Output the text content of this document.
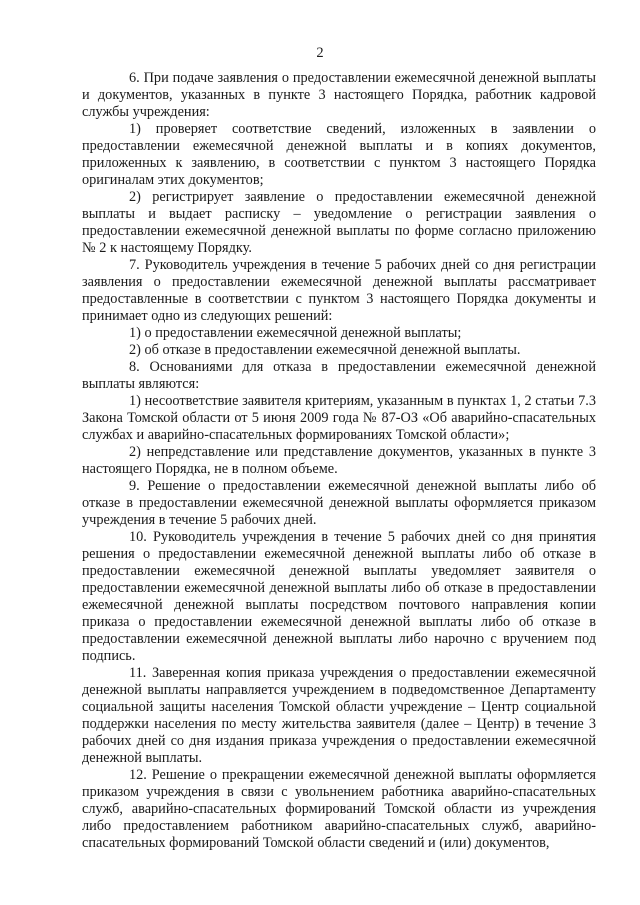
2

6. При подаче заявления о предоставлении ежемесячной денежной выплаты и документов, указанных в пункте 3 настоящего Порядка, работник кадровой службы учреждения:

1) проверяет соответствие сведений, изложенных в заявлении о предоставлении ежемесячной денежной выплаты и в копиях документов, приложенных к заявлению, в соответствии с пунктом 3 настоящего Порядка оригиналам этих документов;

2) регистрирует заявление о предоставлении ежемесячной денежной выплаты и выдает расписку – уведомление о регистрации заявления о предоставлении ежемесячной денежной выплаты по форме согласно приложению № 2 к настоящему Порядку.

7. Руководитель учреждения в течение 5 рабочих дней со дня регистрации заявления о предоставлении ежемесячной денежной выплаты рассматривает предоставленные в соответствии с пунктом 3 настоящего Порядка документы и принимает одно из следующих решений:

1) о предоставлении ежемесячной денежной выплаты;

2) об отказе в предоставлении ежемесячной денежной выплаты.

8. Основаниями для отказа в предоставлении ежемесячной денежной выплаты являются:

1) несоответствие заявителя критериям, указанным в пунктах 1, 2 статьи 7.3 Закона Томской области от 5 июня 2009 года № 87-ОЗ «Об аварийно-спасательных службах и аварийно-спасательных формированиях Томской области»;

2) непредставление или представление документов, указанных в пункте 3 настоящего Порядка, не в полном объеме.

9. Решение о предоставлении ежемесячной денежной выплаты либо об отказе в предоставлении ежемесячной денежной выплаты оформляется приказом учреждения в течение 5 рабочих дней.

10. Руководитель учреждения в течение 5 рабочих дней со дня принятия решения о предоставлении ежемесячной денежной выплаты либо об отказе в предоставлении ежемесячной денежной выплаты уведомляет заявителя о предоставлении ежемесячной денежной выплаты либо об отказе в предоставлении ежемесячной денежной выплаты посредством почтового направления копии приказа о предоставлении ежемесячной денежной выплаты либо об отказе в предоставлении ежемесячной денежной выплаты либо нарочно с вручением под подпись.

11. Заверенная копия приказа учреждения о предоставлении ежемесячной денежной выплаты направляется учреждением в подведомственное Департаменту социальной защиты населения Томской области учреждение – Центр социальной поддержки населения по месту жительства заявителя (далее – Центр) в течение 3 рабочих дней со дня издания приказа учреждения о предоставлении ежемесячной денежной выплаты.

12. Решение о прекращении ежемесячной денежной выплаты оформляется приказом учреждения в связи с увольнением работника аварийно-спасательных служб, аварийно-спасательных формирований Томской области из учреждения либо предоставлением работником аварийно-спасательных служб, аварийно-спасательных формирований Томской области сведений и (или) документов,
